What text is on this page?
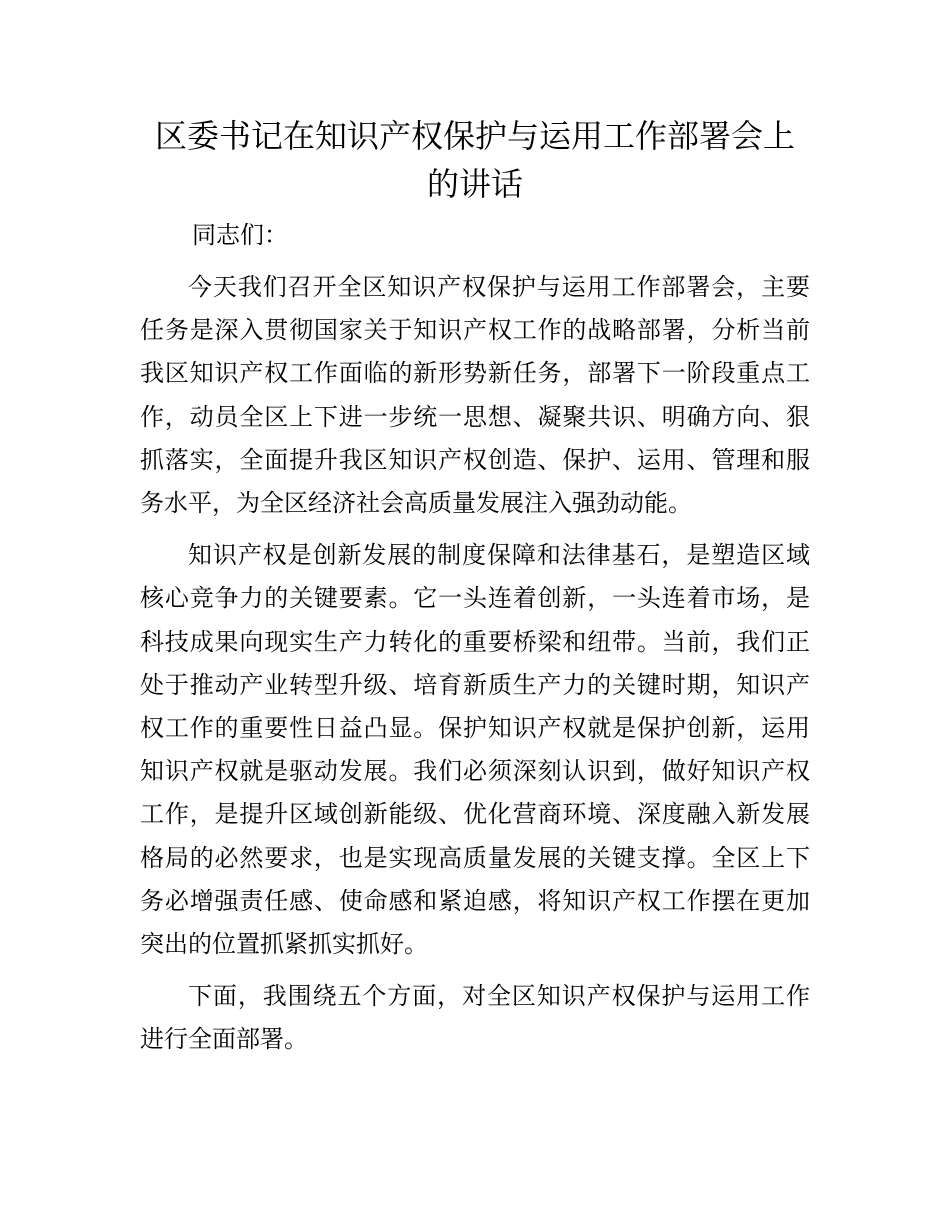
区委书记在知识产权保护与运用工作部署会上的讲话

同志们：

今天我们召开全区知识产权保护与运用工作部署会，主要任务是深入贯彻国家关于知识产权工作的战略部署，分析当前我区知识产权工作面临的新形势新任务，部署下一阶段重点工作，动员全区上下进一步统一思想、凝聚共识、明确方向、狠抓落实，全面提升我区知识产权创造、保护、运用、管理和服务水平，为全区经济社会高质量发展注入强劲动能。

知识产权是创新发展的制度保障和法律基石，是塑造区域核心竞争力的关键要素。它一头连着创新，一头连着市场，是科技成果向现实生产力转化的重要桥梁和纽带。当前，我们正处于推动产业转型升级、培育新质生产力的关键时期，知识产权工作的重要性日益凸显。保护知识产权就是保护创新，运用知识产权就是驱动发展。我们必须深刻认识到，做好知识产权工作，是提升区域创新能级、优化营商环境、深度融入新发展格局的必然要求，也是实现高质量发展的关键支撑。全区上下务必增强责任感、使命感和紧迫感，将知识产权工作摆在更加突出的位置抓紧抓实抓好。

下面，我围绕五个方面，对全区知识产权保护与运用工作进行全面部署。
